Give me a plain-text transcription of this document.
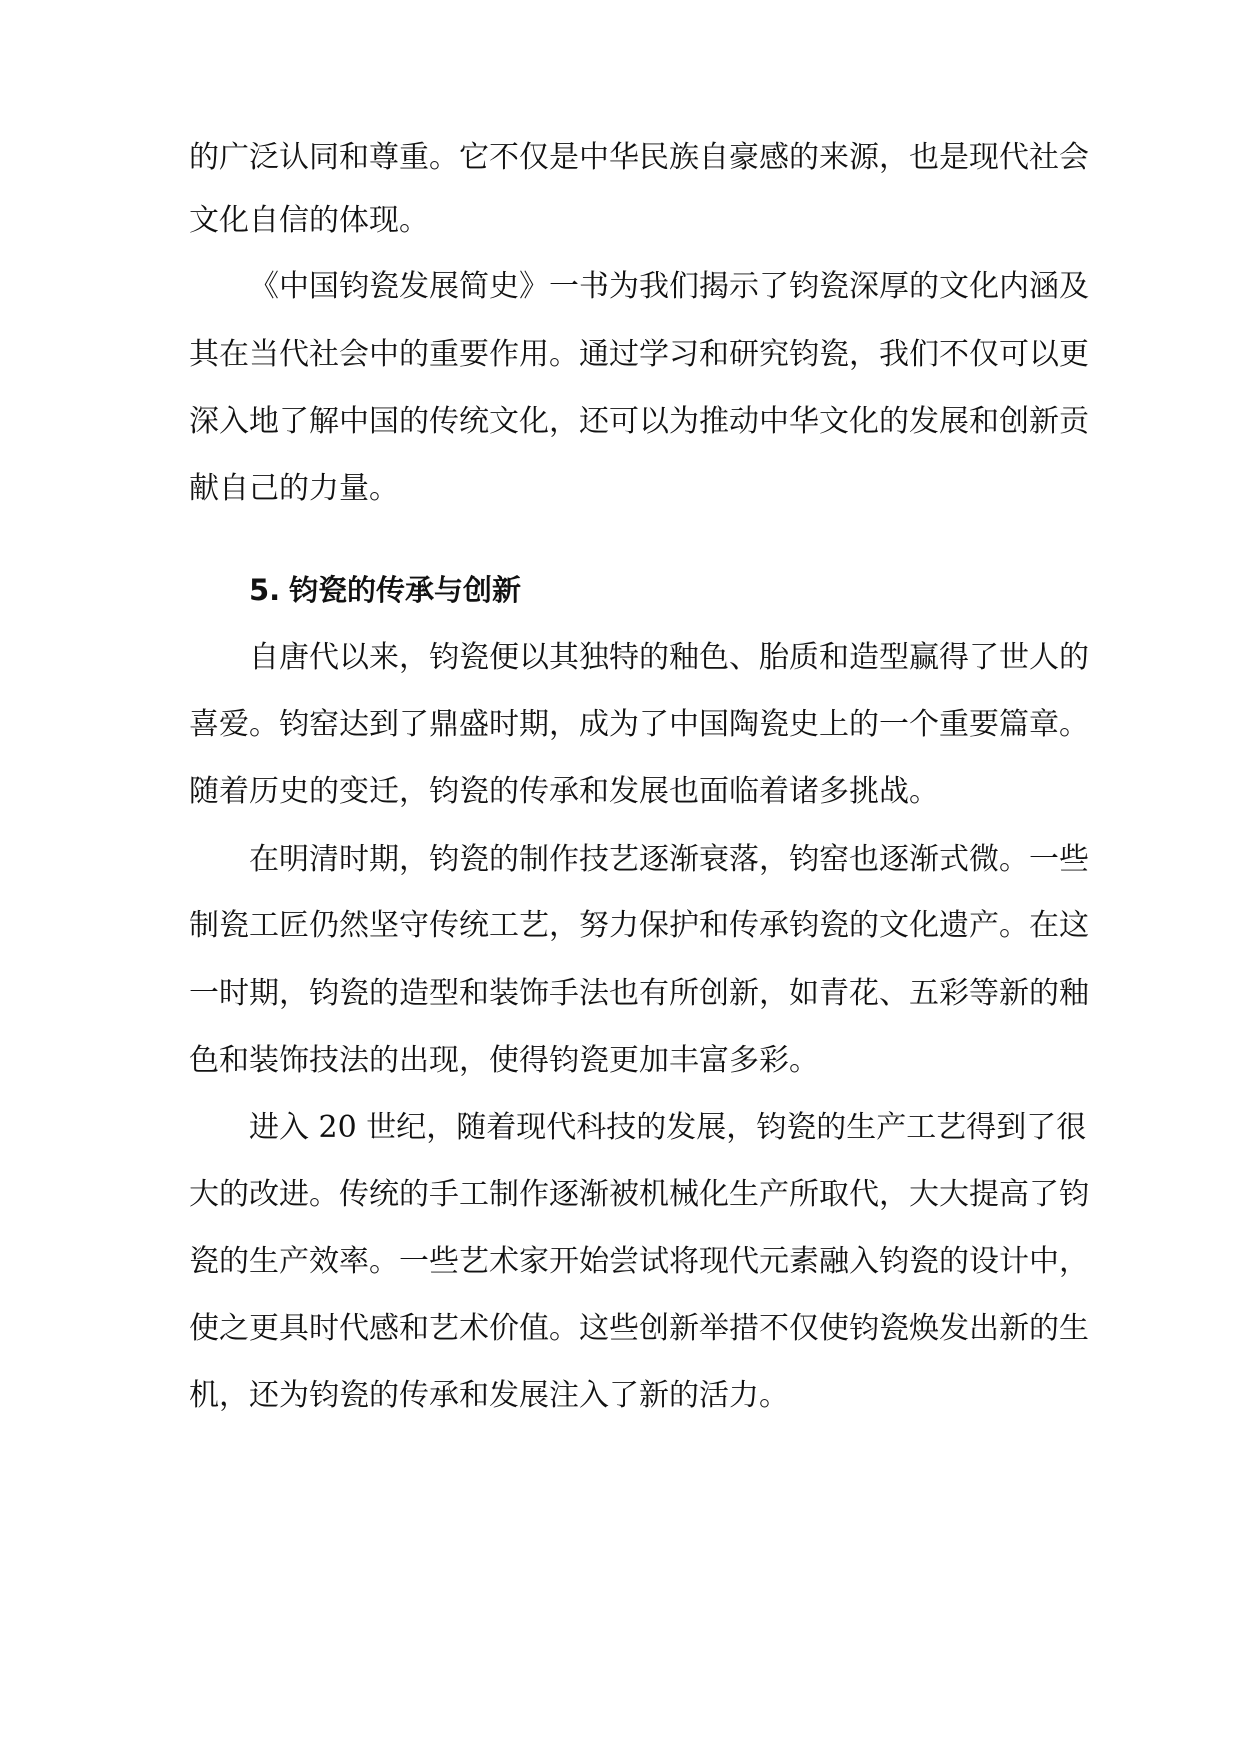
的广泛认同和尊重。它不仅是中华民族自豪感的来源，也是现代社会
文化自信的体现。
《中国钧瓷发展简史》一书为我们揭示了钧瓷深厚的文化内涵及
其在当代社会中的重要作用。通过学习和研究钧瓷，我们不仅可以更
深入地了解中国的传统文化，还可以为推动中华文化的发展和创新贡
献自己的力量。
5. 钧瓷的传承与创新
自唐代以来，钧瓷便以其独特的釉色、胎质和造型赢得了世人的
喜爱。钧窑达到了鼎盛时期，成为了中国陶瓷史上的一个重要篇章。
随着历史的变迁，钧瓷的传承和发展也面临着诸多挑战。
在明清时期，钧瓷的制作技艺逐渐衰落，钧窑也逐渐式微。一些
制瓷工匠仍然坚守传统工艺，努力保护和传承钧瓷的文化遗产。在这
一时期，钧瓷的造型和装饰手法也有所创新，如青花、五彩等新的釉
色和装饰技法的出现，使得钧瓷更加丰富多彩。
进入 20 世纪，随着现代科技的发展，钧瓷的生产工艺得到了很
大的改进。传统的手工制作逐渐被机械化生产所取代，大大提高了钧
瓷的生产效率。一些艺术家开始尝试将现代元素融入钧瓷的设计中，
使之更具时代感和艺术价值。这些创新举措不仅使钧瓷焕发出新的生
机，还为钧瓷的传承和发展注入了新的活力。
